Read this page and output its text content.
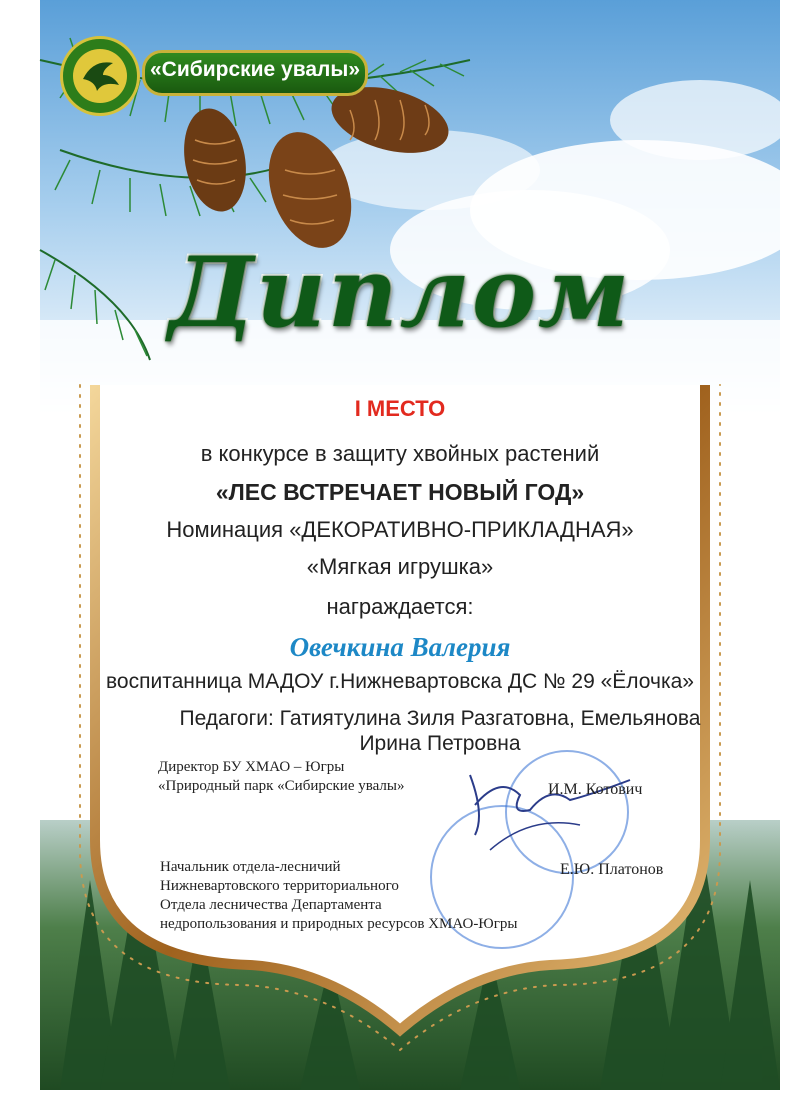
«Сибирские увалы»
Диплом
I МЕСТО
в конкурсе в защиту хвойных растений
«ЛЕС ВСТРЕЧАЕТ НОВЫЙ ГОД»
Номинация «ДЕКОРАТИВНО-ПРИКЛАДНАЯ»
«Мягкая игрушка»
награждается:
Овечкина Валерия
воспитанница МАДОУ г.Нижневартовска ДС № 29 «Ёлочка»
Педагоги: Гатиятулина Зиля Разгатовна, Емельянова Ирина Петровна
Директор БУ ХМАО – Югры
«Природный парк «Сибирские увалы»	И.М. Котович
Начальник отдела-лесничий
Нижневартовского территориального
Отдела лесничества Департамента
недропользования и природных ресурсов ХМАО-Югры
Е.Ю. Платонов
